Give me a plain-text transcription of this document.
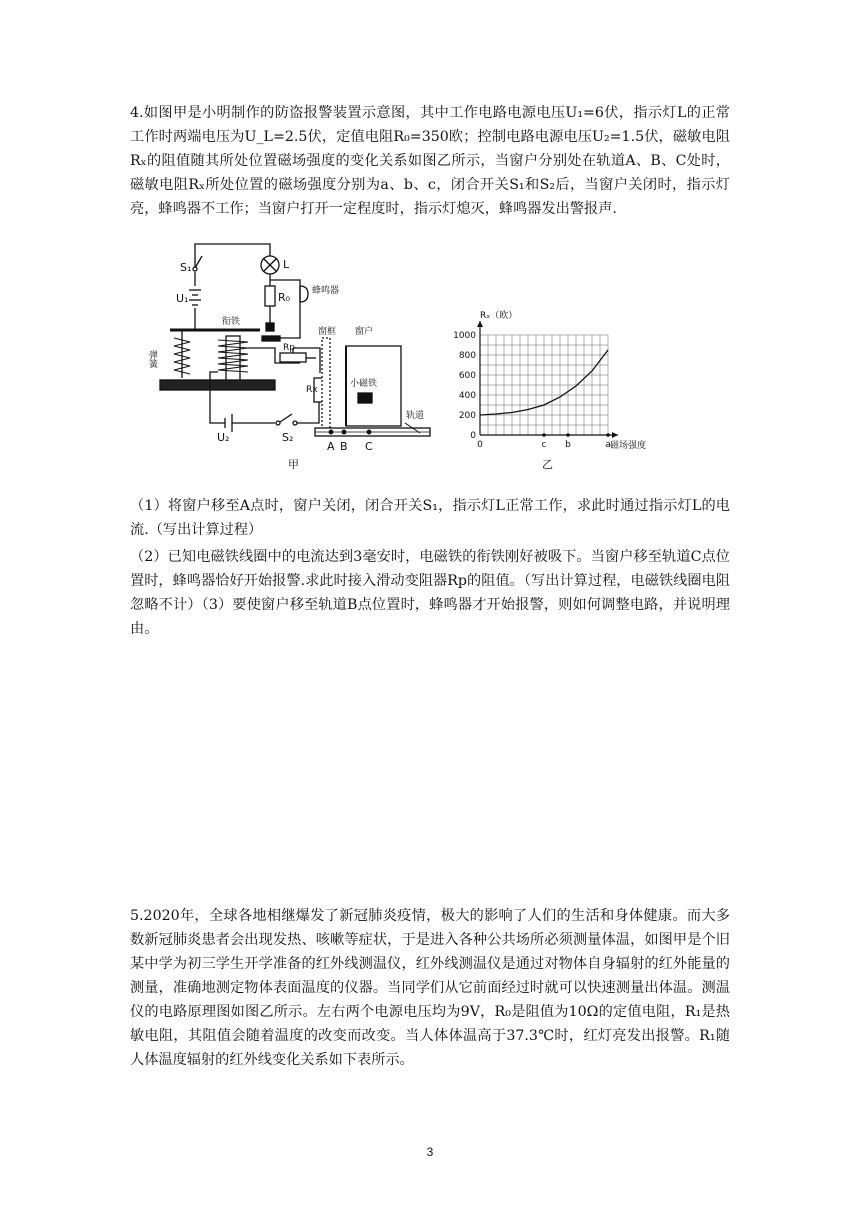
4.如图甲是小明制作的防盗报警装置示意图，其中工作电路电源电压U₁=6伏，指示灯L的正常工作时两端电压为U_L=2.5伏，定值电阻R₀=350欧；控制电路电源电压U₂=1.5伏，磁敏电阻Rₓ的阻值随其所处位置磁场强度的变化关系如图乙所示，当窗户分别处在轨道A、B、C处时，磁敏电阻Rₓ所处位置的磁场强度分别为a、b、c，闭合开关S₁和S₂后，当窗户关闭时，指示灯亮，蜂鸣器不工作；当窗户打开一定程度时，指示灯熄灭，蜂鸣器发出警报声.

S₁
U₁
L
R₀ 蜂鸣器
衔铁
弹簧
Rp
Rx
U₂	S₂
窗框 窗户
小磁铁
轨道
A B C
甲
0
200
400
600
800
1000
c b	a
0
Rₓ（欧）
磁场强度
乙

（1）将窗户移至A点时，窗户关闭，闭合开关S₁，指示灯L正常工作，求此时通过指示灯L的电流.（写出计算过程）

（2）已知电磁铁线圈中的电流达到3毫安时，电磁铁的衔铁刚好被吸下。当窗户移至轨道C点位置时，蜂鸣器恰好开始报警.求此时接入滑动变阻器Rp的阻值。（写出计算过程，电磁铁线圈电阻忽略不计）（3）要使窗户移至轨道B点位置时，蜂鸣器才开始报警，则如何调整电路，并说明理由。

5.2020年，全球各地相继爆发了新冠肺炎疫情，极大的影响了人们的生活和身体健康。而大多数新冠肺炎患者会出现发热、咳嗽等症状，于是进入各种公共场所必须测量体温，如图甲是个旧某中学为初三学生开学准备的红外线测温仪，红外线测温仪是通过对物体自身辐射的红外能量的测量，准确地测定物体表面温度的仪器。当同学们从它前面经过时就可以快速测量出体温。测温仪的电路原理图如图乙所示。左右两个电源电压均为9V，R₀是阻值为10Ω的定值电阻，R₁是热敏电阻，其阻值会随着温度的改变而改变。当人体体温高于37.3℃时，红灯亮发出报警。R₁随人体温度辐射的红外线变化关系如下表所示。

3
